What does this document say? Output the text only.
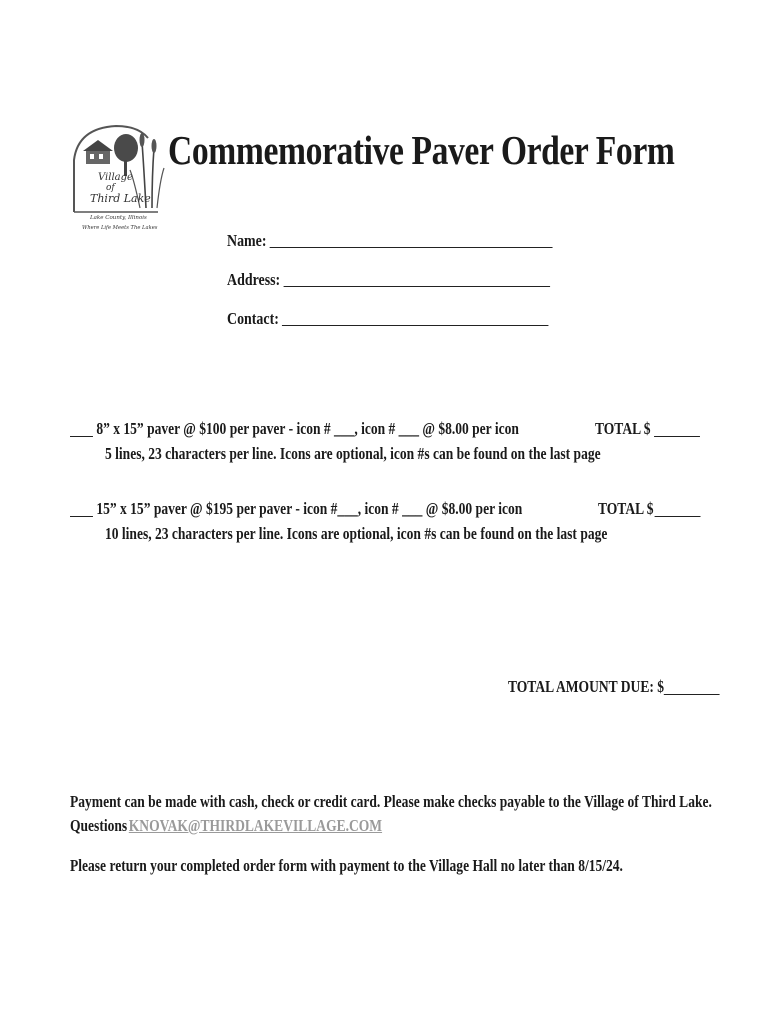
Village
of
Third Lake
Lake County, Illinois
Where Life Meets The Lakes
Commemorative Paver Order Form
Name:
Address:
Contact:
8” x 15” paver @ $100 per paver - icon # ___, icon # ___ @ $8.00 per icon
5 lines, 23 characters per line. Icons are optional, icon #s can be found on the last page
TOTAL $
15” x 15” paver @ $195 per paver - icon #___, icon # ___ @ $8.00 per icon
10 lines, 23 characters per line. Icons are optional, icon #s can be found on the last page
TOTAL $
TOTAL AMOUNT DUE: $
Payment can be made with cash, check or credit card. Please make checks payable to the Village of Third Lake.
QuestionsKNOVAK@THIRDLAKEVILLAGE.COM
Please return your completed order form with payment to the Village Hall no later than 8/15/24.
